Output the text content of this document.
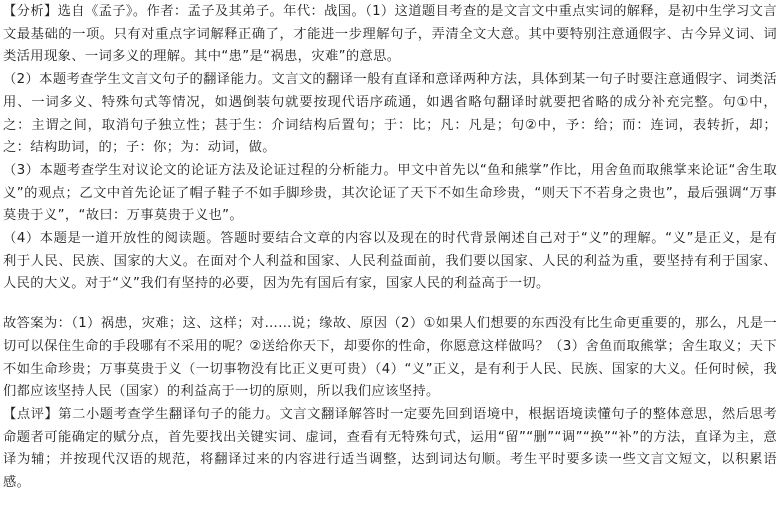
【分析】选自《孟子》。作者：孟子及其弟子。年代：战国。（1）这道题目考查的是文言文中重点实词的解释，是初中生学习文言文最基础的一项。只有对重点字词解释正确了，才能进一步理解句子，弄清全文大意。其中要特别注意通假字、古今异义词、词类活用现象、一词多义的理解。其中“患”是“祸患，灾难”的意思。

（2）本题考查学生文言文句子的翻译能力。文言文的翻译一般有直译和意译两种方法，具体到某一句子时要注意通假字、词类活用、一词多义、特殊句式等情况，如遇倒装句就要按现代语序疏通，如遇省略句翻译时就要把省略的成分补充完整。句①中，之：主谓之间，取消句子独立性；甚于生：介词结构后置句；于：比；凡：凡是；句②中，予：给；而：连词，表转折，却；之：结构助词，的；子：你；为：动词，做。

（3）本题考查学生对议论文的论证方法及论证过程的分析能力。甲文中首先以“鱼和熊掌”作比，用舍鱼而取熊掌来论证“舍生取义”的观点；乙文中首先论证了帽子鞋子不如手脚珍贵，其次论证了天下不如生命珍贵，“则天下不若身之贵也”，最后强调“万事莫贵于义”，“故曰：万事莫贵于义也”。

（4）本题是一道开放性的阅读题。答题时要结合文章的内容以及现在的时代背景阐述自己对于“义”的理解。“义”是正义，是有利于人民、民族、国家的大义。在面对个人利益和国家、人民利益面前，我们要以国家、人民的利益为重，要坚持有利于国家、人民的大义。对于“义”我们有坚持的必要，因为先有国后有家，国家人民的利益高于一切。

故答案为：（1）祸患，灾难；这、这样；对……说；缘故、原因（2）①如果人们想要的东西没有比生命更重要的，那么，凡是一切可以保住生命的手段哪有不采用的呢？②送给你天下，却要你的性命，你愿意这样做吗？（3）舍鱼而取熊掌；舍生取义；天下不如生命珍贵；万事莫贵于义（一切事物没有比正义更可贵）（4）“义”正义，是有利于人民、民族、国家的大义。任何时候，我们都应该坚持人民（国家）的利益高于一切的原则，所以我们应该坚持。

【点评】第二小题考查学生翻译句子的能力。文言文翻译解答时一定要先回到语境中，根据语境读懂句子的整体意思，然后思考命题者可能确定的赋分点，首先要找出关键实词、虚词，查看有无特殊句式，运用“留”“删”“调”“换”“补”的方法，直译为主，意译为辅；并按现代汉语的规范，将翻译过来的内容进行适当调整，达到词达句顺。考生平时要多读一些文言文短文，以积累语感。
